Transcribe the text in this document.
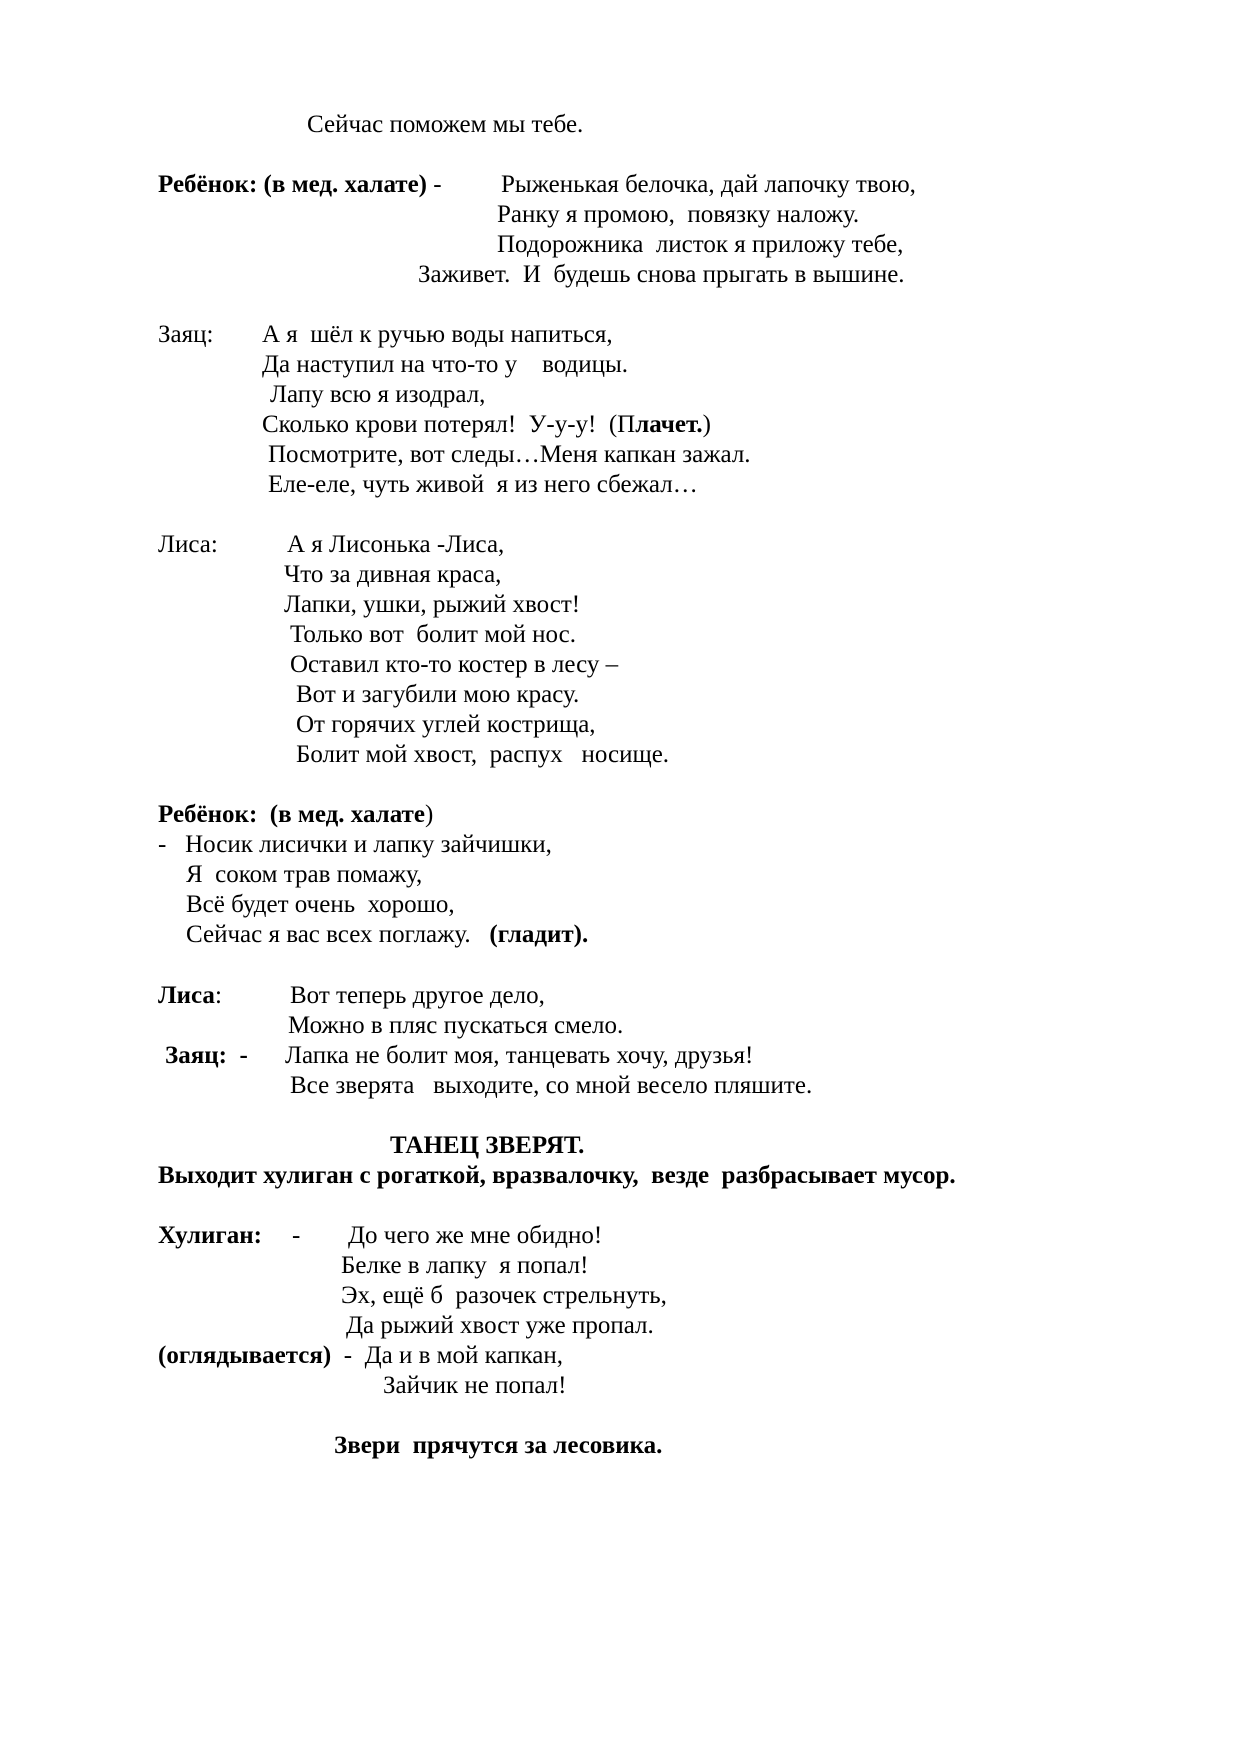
Сейчас поможем мы тебе.
Ребёнок: (в мед. халате) - Рыженькая белочка, дай лапочку твою,
Ранку я промою,  повязку наложу.
Подорожника  листок я приложу тебе,
Заживет.  И  будешь снова прыгать в вышине.
Заяц: А я  шёл к ручью воды напиться,
Да наступил на что-то у    водицы.
Лапу всю я изодрал,
Сколько крови потерял!  У-у-у!  (Плачет.)
Посмотрите, вот следы…Меня капкан зажал.
Еле-еле, чуть живой  я из него сбежал…
Лиса:	А я Лисонька -Лиса,
Что за дивная краса,
Лапки, ушки, рыжий хвост!
Только вот  болит мой нос.
Оставил кто-то костер в лесу –
Вот и загубили мою красу.
От горячих углей кострища,
Болит мой хвост,  распух   носище.
Ребёнок:  (в мед. халате)
-   Носик лисички и лапку зайчишки,
Я  соком трав помажу,
Всё будет очень  хорошо,
Сейчас я вас всех поглажу.   (гладит).
Лиса:	Вот теперь другое дело,
Можно в пляс пускаться смело.
Заяц:  - Лапка не болит моя, танцевать хочу, друзья!
Все зверята   выходите, со мной весело пляшите.
ТАНЕЦ ЗВЕРЯТ.
Выходит хулиган с рогаткой, вразвалочку,  везде  разбрасывает мусор.
Хулиган: - До чего же мне обидно!
Белке в лапку  я попал!
Эх, ещё б  разочек стрельнуть,
Да рыжий хвост уже пропал.
(оглядывается)  -  Да и в мой капкан,
Зайчик не попал!
Звери  прячутся за лесовика.
